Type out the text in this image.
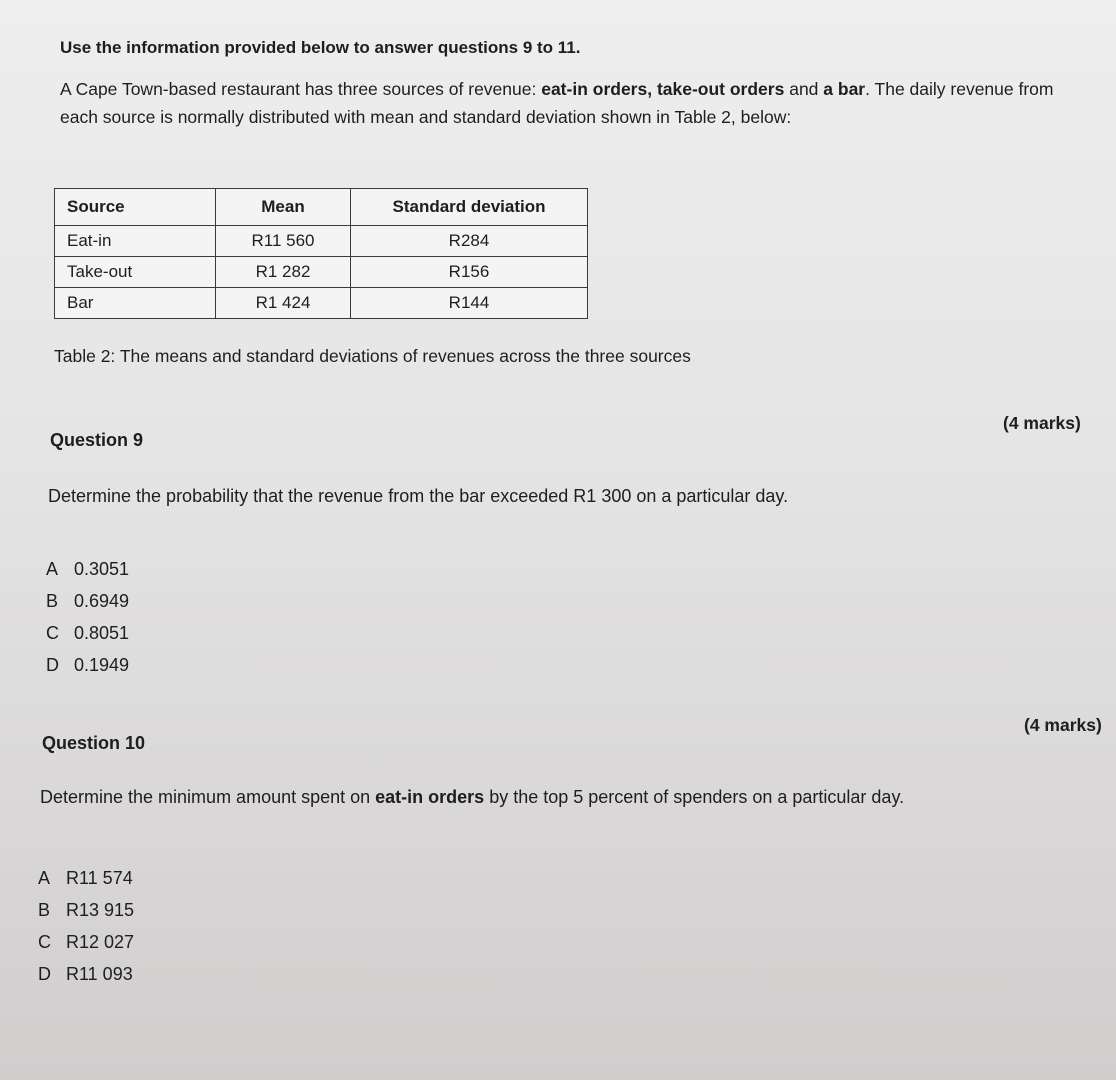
Use the information provided below to answer questions 9 to 11.

A Cape Town-based restaurant has three sources of revenue: eat-in orders, take-out orders and a bar. The daily revenue from each source is normally distributed with mean and standard deviation shown in Table 2, below:

Source	Mean	Standard deviation
Eat-in	R11 560	R284
Take-out	R1 282	R156
Bar	R1 424	R144
Table 2: The means and standard deviations of revenues across the three sources
Question 9
(4 marks)
Determine the probability that the revenue from the bar exceeded R1 300 on a particular day.
A 0.3051
B 0.6949
C 0.8051
D 0.1949
Question 10
(4 marks)
Determine the minimum amount spent on eat-in orders by the top 5 percent of spenders on a particular day.
A R11 574
B R13 915
C R12 027
D R11 093
